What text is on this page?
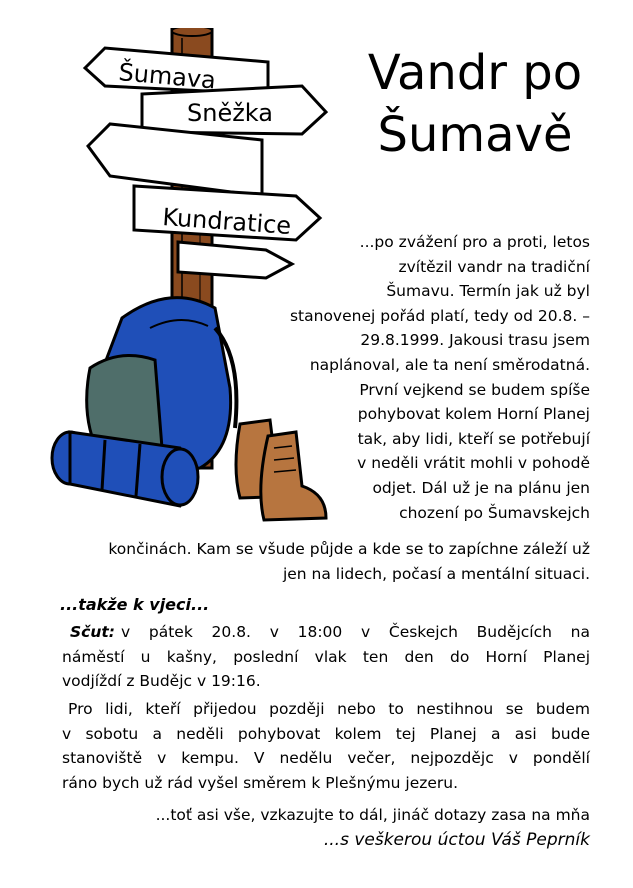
Šumava
Sněžka
Kundratice
Vandr po
Šumavě
...po zvážení pro a proti, letos
zvítězil vandr na tradiční
Šumavu. Termín jak už byl
stanovenej pořád platí, tedy od 20.8. –
29.8.1999. Jakousi trasu jsem
naplánoval, ale ta není směrodatná.
První vejkend se budem spíše
pohybovat kolem Horní Planej
tak, aby lidi, kteří se potřebují
v neděli vrátit mohli v pohodě
odjet. Dál už je na plánu jen
chození po Šumavskejch
končinách. Kam se všude půjde a kde se to zapíchne záleží už
jen na lidech, počasí a mentální situaci.

...takže k vjeci...

Sčut: v pátek 20.8. v 18:00 v Českejch Budějcích na
náměstí u kašny, poslední vlak ten den do Horní Planej
vodjíždí z Budějc v 19:16.
Pro lidi, kteří přijedou později nebo to nestihnou se budem
v sobotu a neděli pohybovat kolem tej Planej a asi bude
stanoviště v kempu. V nedělu večer, nejpozdějc v pondělí
ráno bych už rád vyšel směrem k Plešnýmu jezeru.
...toť asi vše, vzkazujte to dál, jináč dotazy zasa na mňa
...s veškerou úctou Váš Peprník
